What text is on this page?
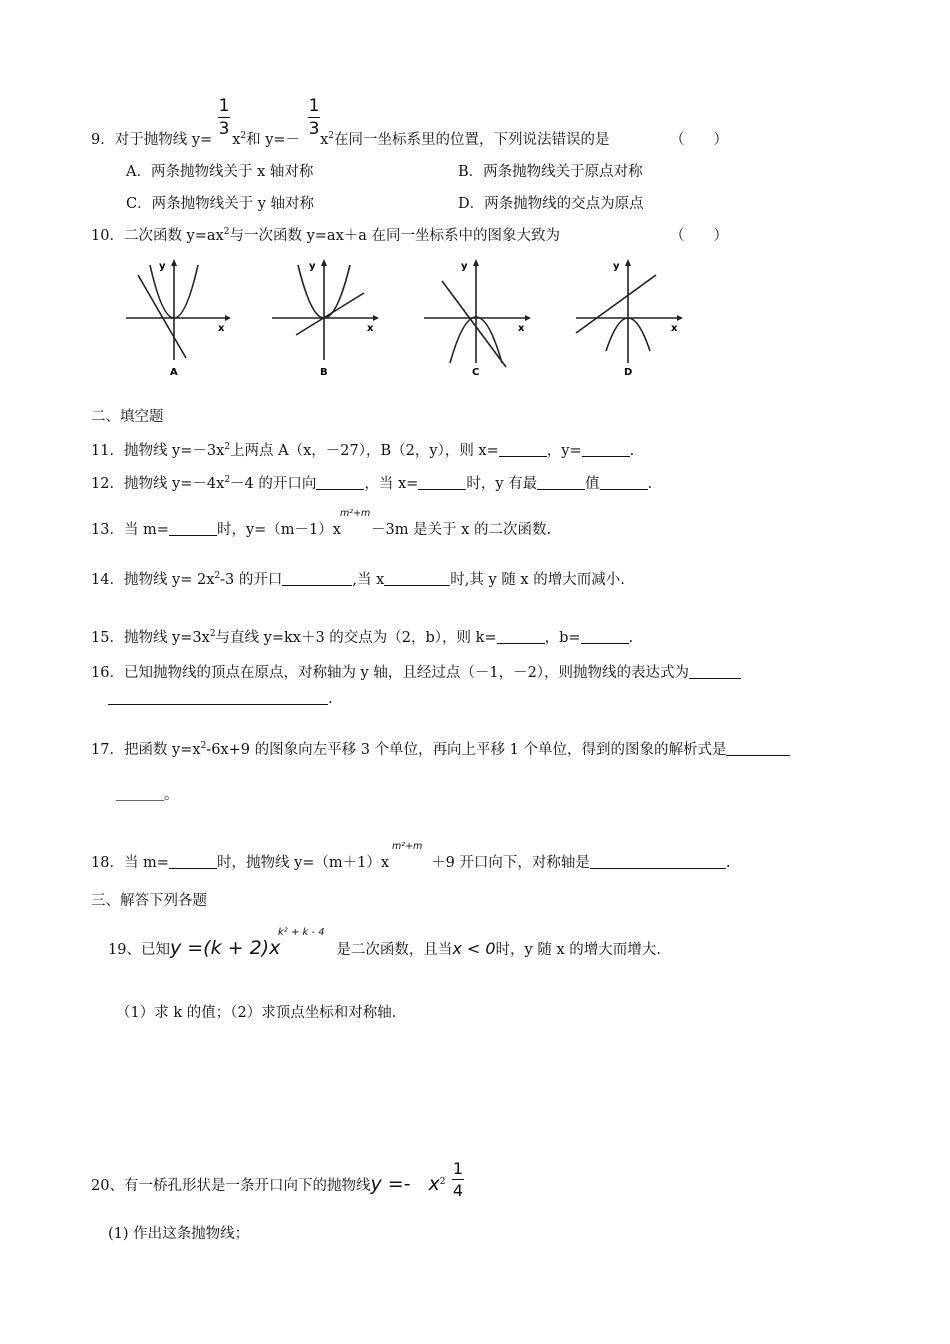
9．对于抛物线 $y= x^2$和 $y=- x^2$在同一坐标系里的位置，下列说法错误的是
1
3
1
3
（　　）
A．两条抛物线关于 x 轴对称	B．两条抛物线关于原点对称
C．两条抛物线关于 y 轴对称	D．两条抛物线的交点为原点
10．二次函数 $y=ax^2$与一次函数 y=ax＋a 在同一坐标系中的图象大致为	（　　）
x
y
A
x
y
B
x
y
C
x
y
D
二、填空题
11．抛物线 $y=-3x^2$上两点 A（x，－27），B（2，y），则 x=	，y=	.
12．抛物线 $y=-4x^2-4$ 的开口向	，当 x=	时，y 有最	值	.
13．当 m=	时，y=（m－1）x －3m 是关于 x 的二次函数.
m²+m
14．抛物线 $y= 2x^2-3$ 的开口	,当 x	时,其 y 随 x 的增大而减小.
15．抛物线 $y=3x^2$与直线 y=kx＋3 的交点为（2，b），则 k=	，b=	.
16．已知抛物线的顶点在原点，对称轴为 y 轴，且经过点（－1，－2），则抛物线的表达式为
.
17．把函数 $y=x^2-6x+9$ 的图象向左平移 3 个单位，再向上平移 1 个单位，得到的图象的解析式是
。
18．当 m=	时，抛物线 y=（m＋1）x	＋9 开口向下，对称轴是	.
m²+m
三、解答下列各题
19、已知y =(k + 2)x	是二次函数，且当x < 0时，y 随 x 的增大而增大.
k² + k - 4
（1）求 k 的值；（2）求顶点坐标和对称轴.
20、有一桥孔形状是一条开口向下的抛物线$y =- x^2$
1
4
(1) 作出这条抛物线；
